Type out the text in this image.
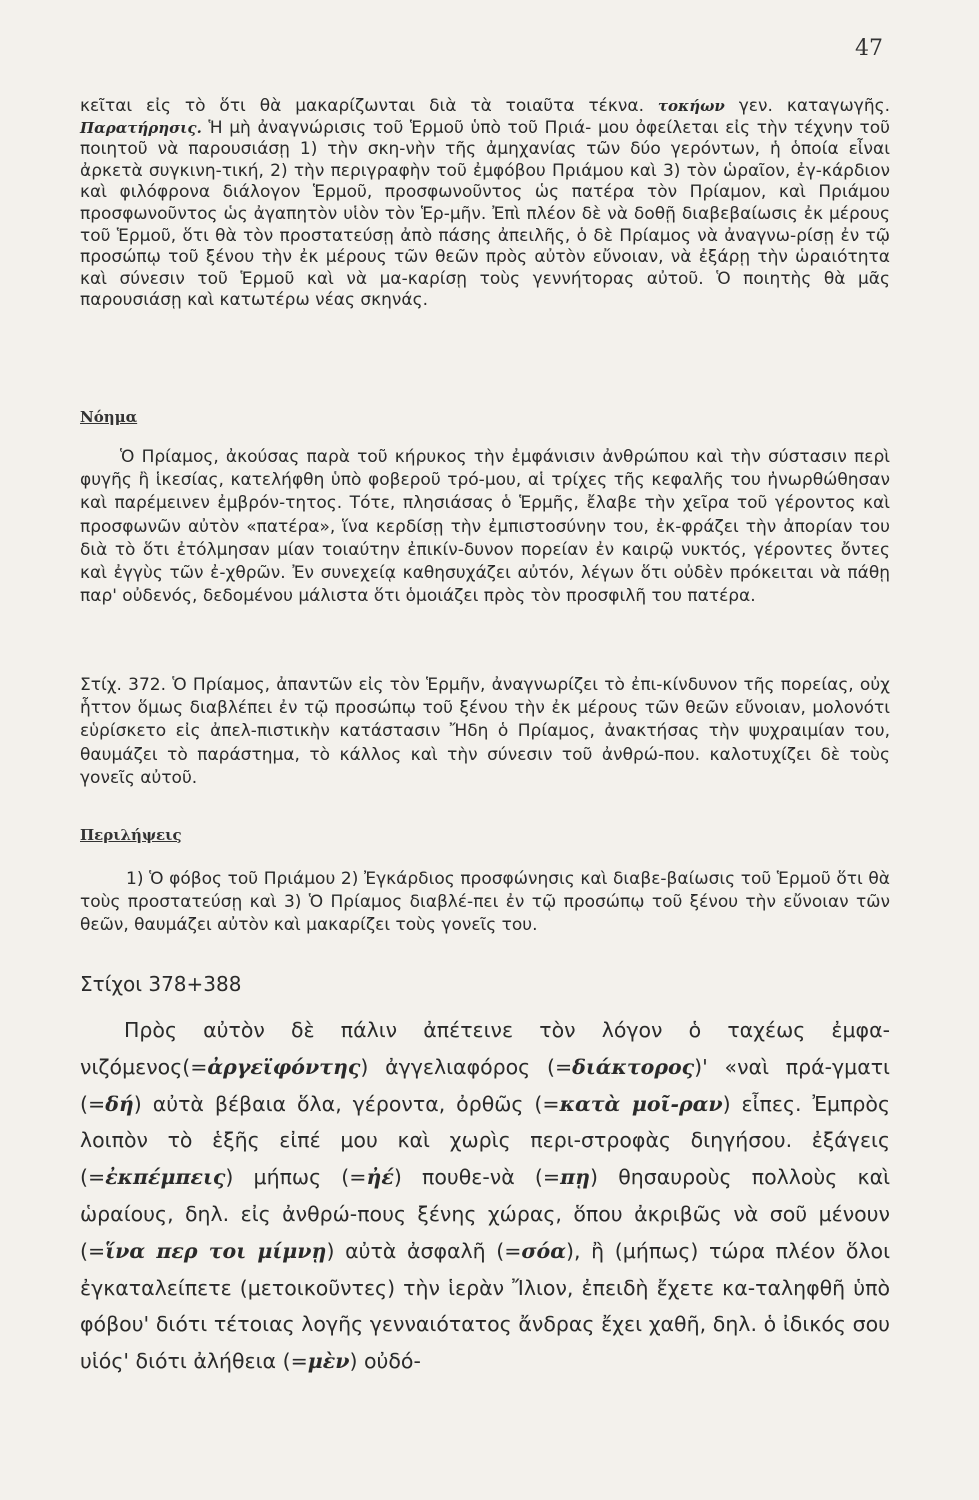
47
κεῖται εἰς τὸ ὅτι θὰ μακαρίζωνται διὰ τὰ τοιαῦτα τέκνα. τοκήων γεν. καταγωγῆς. Παρατήρησις. Ἡ μὴ ἀναγνώρισις τοῦ Ἑρμοῦ ὑπὸ τοῦ Πριά- μου ὀφείλεται εἰς τὴν τέχνην τοῦ ποιητοῦ νὰ παρουσιάσῃ 1) τὴν σκη-νὴν τῆς ἀμηχανίας τῶν δύο γερόντων, ἡ ὁποία εἶναι ἀρκετὰ συγκινη-τική, 2) τὴν περιγραφὴν τοῦ ἐμφόβου Πριάμου καὶ 3) τὸν ὡραῖον, ἐγ-κάρδιον καὶ φιλόφρονα διάλογον Ἑρμοῦ, προσφωνοῦντος ὡς πατέρα τὸν Πρίαμον, καὶ Πριάμου προσφωνοῦντος ὡς ἀγαπητὸν υἱὸν τὸν Ἑρ-μῆν. Ἐπὶ πλέον δὲ νὰ δοθῇ διαβεβαίωσις ἐκ μέρους τοῦ Ἑρμοῦ, ὅτι θὰ τὸν προστατεύσῃ ἀπὸ πάσης ἀπειλῆς, ὁ δὲ Πρίαμος νὰ ἀναγνω-ρίσῃ ἐν τῷ προσώπῳ τοῦ ξένου τὴν ἐκ μέρους τῶν θεῶν πρὸς αὐτὸν εὔνοιαν, νὰ ἐξάρῃ τὴν ὡραιότητα καὶ σύνεσιν τοῦ Ἑρμοῦ καὶ νὰ μα-καρίσῃ τοὺς γεννήτορας αὐτοῦ. Ὁ ποιητὴς θὰ μᾶς παρουσιάσῃ καὶ κατωτέρω νέας σκηνάς.
Νόημα
Ὁ Πρίαμος, ἀκούσας παρὰ τοῦ κήρυκος τὴν ἐμφάνισιν ἀνθρώπου καὶ τὴν σύστασιν περὶ φυγῆς ἢ ἱκεσίας, κατελήφθη ὑπὸ φοβεροῦ τρό-μου, αἱ τρίχες τῆς κεφαλῆς του ἠνωρθώθησαν καὶ παρέμεινεν ἐμβρόν-τητος. Τότε, πλησιάσας ὁ Ἑρμῆς, ἔλαβε τὴν χεῖρα τοῦ γέροντος καὶ προσφωνῶν αὐτὸν «πατέρα», ἵνα κερδίσῃ τὴν ἐμπιστοσύνην του, ἐκ-φράζει τὴν ἀπορίαν του διὰ τὸ ὅτι ἐτόλμησαν μίαν τοιαύτην ἐπικίν-δυνον πορείαν ἐν καιρῷ νυκτός, γέροντες ὄντες καὶ ἐγγὺς τῶν ἐ-χθρῶν. Ἐν συνεχείᾳ καθησυχάζει αὐτόν, λέγων ὅτι οὐδὲν πρόκειται νὰ πάθῃ παρ' οὐδενός, δεδομένου μάλιστα ὅτι ὁμοιάζει πρὸς τὸν προσφιλῆ του πατέρα.
Στίχ. 372. Ὁ Πρίαμος, ἀπαντῶν εἰς τὸν Ἑρμῆν, ἀναγνωρίζει τὸ ἐπι-κίνδυνον τῆς πορείας, οὐχ ἧττον ὅμως διαβλέπει ἐν τῷ προσώπῳ τοῦ ξένου τὴν ἐκ μέρους τῶν θεῶν εὔνοιαν, μολονότι εὑρίσκετο εἰς ἀπελ-πιστικὴν κατάστασιν Ἤδη ὁ Πρίαμος, ἀνακτήσας τὴν ψυχραιμίαν του, θαυμάζει τὸ παράστημα, τὸ κάλλος καὶ τὴν σύνεσιν τοῦ ἀνθρώ-που. καλοτυχίζει δὲ τοὺς γονεῖς αὐτοῦ.
Περιλήψεις
1) Ὁ φόβος τοῦ Πριάμου 2) Ἐγκάρδιος προσφώνησις καὶ διαβε-βαίωσις τοῦ Ἑρμοῦ ὅτι θὰ τοὺς προστατεύσῃ καὶ 3) Ὁ Πρίαμος διαβλέ-πει ἐν τῷ προσώπῳ τοῦ ξένου τὴν εὔνοιαν τῶν θεῶν, θαυμάζει αὐτὸν καὶ μακαρίζει τοὺς γονεῖς του.
Στίχοι 378+388
Πρὸς αὐτὸν δὲ πάλιν ἀπέτεινε τὸν λόγον ὁ ταχέως ἐμφα-νιζόμενος(=ἀργεϊφόντης) ἀγγελιαφόρος (=διάκτορος)' «ναὶ πρά-γματι (=δή) αὐτὰ βέβαια ὅλα, γέροντα, ὀρθῶς (=κατὰ μοῖ-ραν) εἶπες. Ἐμπρὸς λοιπὸν τὸ ἑξῆς εἰπέ μου καὶ χωρὶς περι-στροφὰς διηγήσου. ἐξάγεις (=ἐκπέμπεις) μήπως (=ἠέ) πουθε-νὰ (=πῃ) θησαυροὺς πολλοὺς καὶ ὡραίους, δηλ. εἰς ἀνθρώ-πους ξένης χώρας, ὅπου ἀκριβῶς νὰ σοῦ μένουν (=ἵνα περ τοι μίμνῃ) αὐτὰ ἀσφαλῆ (=σόα), ἢ (μήπως) τώρα πλέον ὅλοι ἐγκαταλείπετε (μετοικοῦντες) τὴν ἱερὰν Ἴλιον, ἐπειδὴ ἔχετε κα-ταληφθῆ ὑπὸ φόβου' διότι τέτοιας λογῆς γενναιότατος ἄνδρας ἔχει χαθῆ, δηλ. ὁ ἰδικός σου υἱός' διότι ἀλήθεια (=μὲν) οὐδό-
